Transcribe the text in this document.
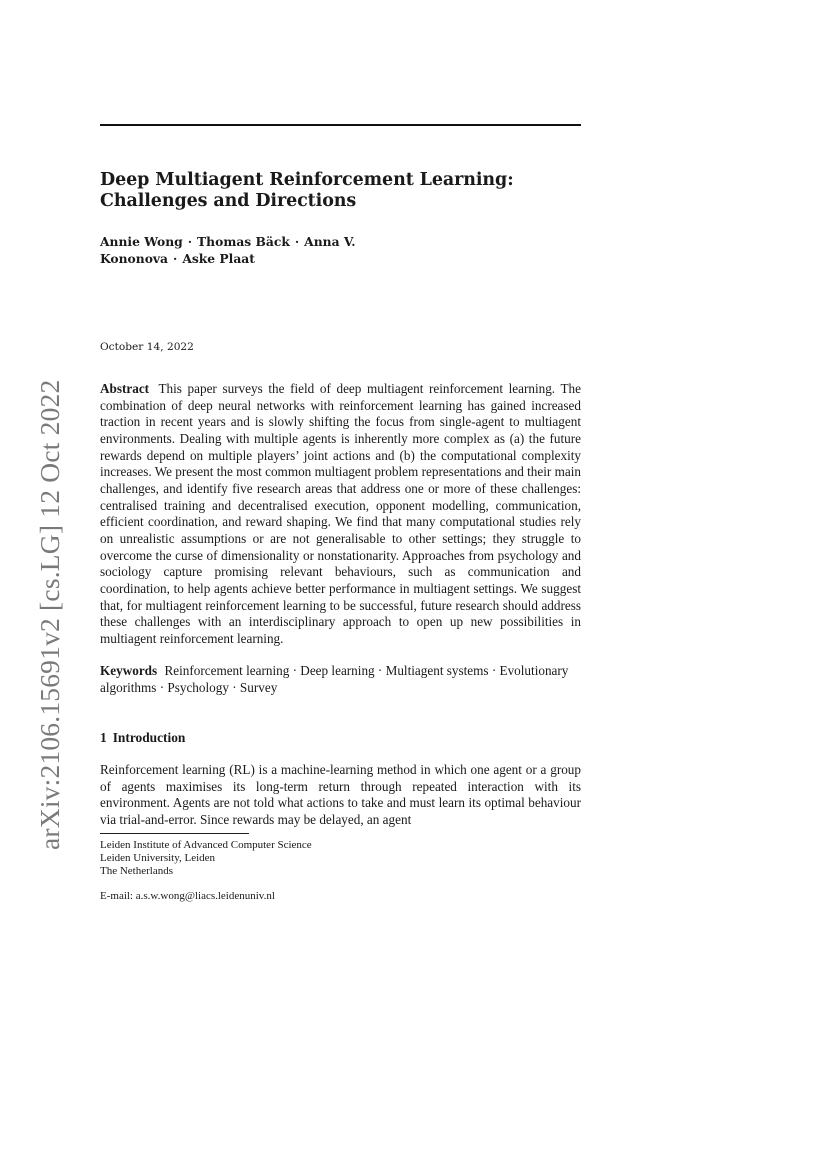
arXiv:2106.15691v2 [cs.LG] 12 Oct 2022
Deep Multiagent Reinforcement Learning: Challenges and Directions
Annie Wong · Thomas Bäck · Anna V.
Kononova · Aske Plaat
October 14, 2022

Abstract This paper surveys the field of deep multiagent reinforcement learning. The combination of deep neural networks with reinforcement learning has gained increased traction in recent years and is slowly shifting the focus from single-agent to multiagent environments. Dealing with multiple agents is inherently more complex as (a) the future rewards depend on multiple players’ joint actions and (b) the computational complexity increases. We present the most common multiagent problem representations and their main challenges, and identify five research areas that address one or more of these challenges: centralised training and decentralised execution, opponent modelling, communication, efficient coordination, and reward shaping. We find that many computational studies rely on unrealistic assumptions or are not generalisable to other settings; they struggle to overcome the curse of dimensionality or nonstationarity. Approaches from psychology and sociology capture promising relevant behaviours, such as communication and coordination, to help agents achieve better performance in multiagent settings. We suggest that, for multiagent reinforcement learning to be successful, future research should address these challenges with an interdisciplinary approach to open up new possibilities in multiagent reinforcement learning.

Keywords Reinforcement learning · Deep learning · Multiagent systems · Evolutionary algorithms · Psychology · Survey

1 Introduction

Reinforcement learning (RL) is a machine-learning method in which one agent or a group of agents maximises its long-term return through repeated interaction with its environment. Agents are not told what actions to take and must learn its optimal behaviour via trial-and-error. Since rewards may be delayed, an agent

Leiden Institute of Advanced Computer Science
Leiden University, Leiden
The Netherlands
E-mail: a.s.w.wong@liacs.leidenuniv.nl
